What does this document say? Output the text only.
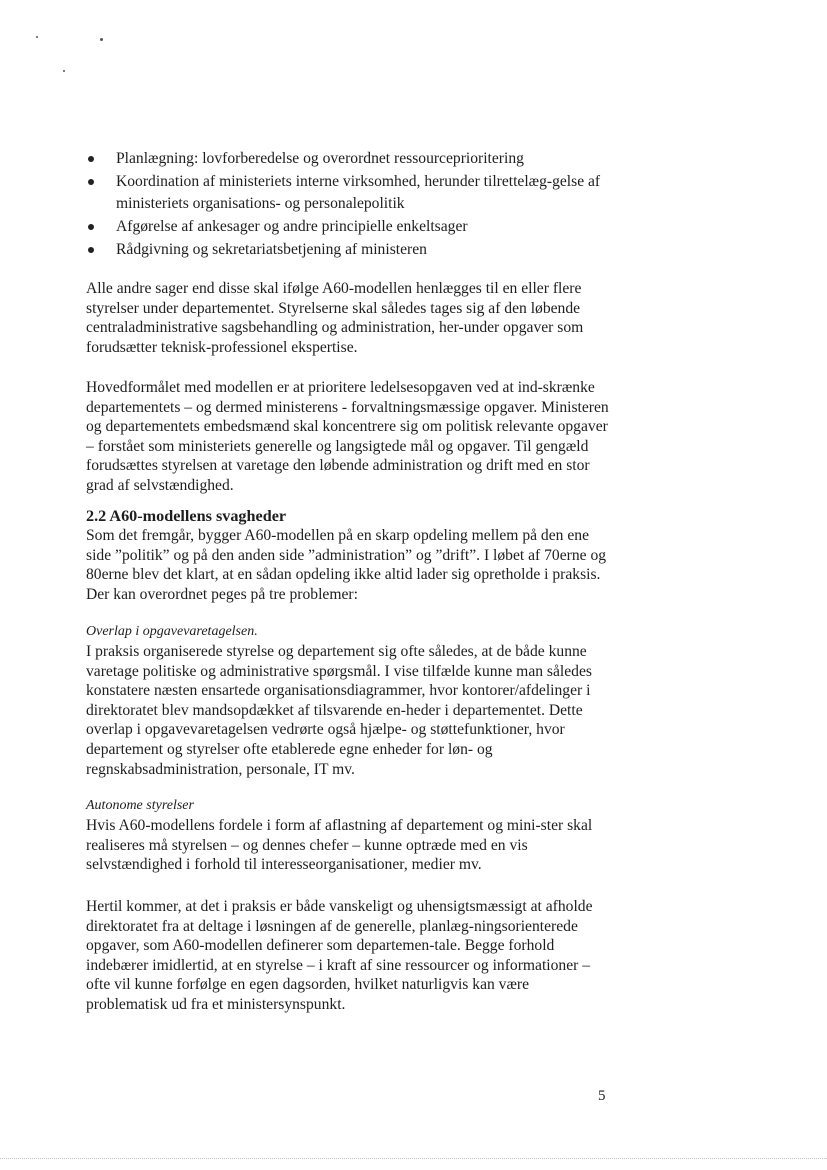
Planlægning: lovforberedelse og overordnet ressourceprioritering
Koordination af ministeriets interne virksomhed, herunder tilrettelæg-gelse af ministeriets organisations- og personalepolitik
Afgørelse af ankesager og andre principielle enkeltsager
Rådgivning og sekretariatsbetjening af ministeren

Alle andre sager end disse skal ifølge A60-modellen henlægges til en eller flere styrelser under departementet. Styrelserne skal således tages sig af den løbende centraladministrative sagsbehandling og administration, her-under opgaver som forudsætter teknisk-professionel ekspertise.

Hovedformålet med modellen er at prioritere ledelsesopgaven ved at ind-skrænke departementets – og dermed ministerens - forvaltningsmæssige opgaver. Ministeren og departementets embedsmænd skal koncentrere sig om politisk relevante opgaver – forstået som ministeriets generelle og langsigtede mål og opgaver. Til gengæld forudsættes styrelsen at varetage den løbende administration og drift med en stor grad af selvstændighed.

2.2 A60-modellens svagheder

Som det fremgår, bygger A60-modellen på en skarp opdeling mellem på den ene side ”politik” og på den anden side ”administration” og ”drift”. I løbet af 70erne og 80erne blev det klart, at en sådan opdeling ikke altid lader sig opretholde i praksis. Der kan overordnet peges på tre problemer:

Overlap i opgavevaretagelsen.

I praksis organiserede styrelse og departement sig ofte således, at de både kunne varetage politiske og administrative spørgsmål. I vise tilfælde kunne man således konstatere næsten ensartede organisationsdiagrammer, hvor kontorer/afdelinger i direktoratet blev mandsopdækket af tilsvarende en-heder i departementet. Dette overlap i opgavevaretagelsen vedrørte også hjælpe- og støttefunktioner, hvor departement og styrelser ofte etablerede egne enheder for løn- og regnskabsadministration, personale, IT mv.

Autonome styrelser

Hvis A60-modellens fordele i form af aflastning af departement og mini-ster skal realiseres må styrelsen – og dennes chefer – kunne optræde med en vis selvstændighed i forhold til interesseorganisationer, medier mv.

Hertil kommer, at det i praksis er både vanskeligt og uhensigtsmæssigt at afholde direktoratet fra at deltage i løsningen af de generelle, planlæg-ningsorienterede opgaver, som A60-modellen definerer som departemen-tale. Begge forhold indebærer imidlertid, at en styrelse – i kraft af sine ressourcer og informationer – ofte vil kunne forfølge en egen dagsorden, hvilket naturligvis kan være problematisk ud fra et ministersynspunkt.

5
